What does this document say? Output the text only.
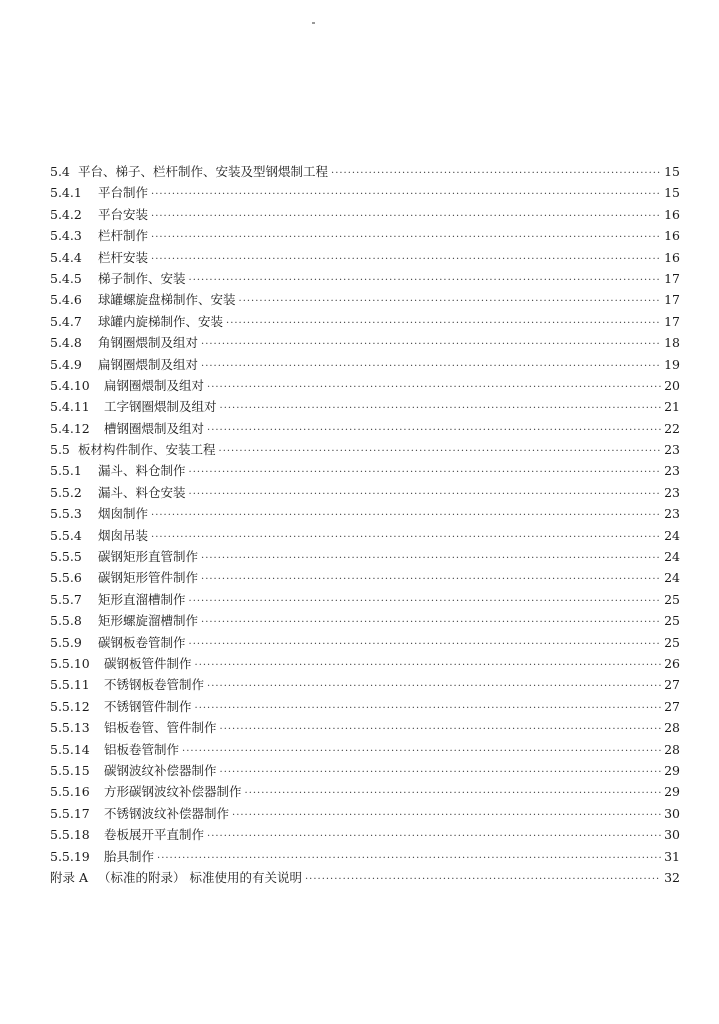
5.4 平台、梯子、栏杆制作、安装及型钢煨制工程 ·····	15
5.4.1	平台制作 ·····	15
5.4.2	平台安装 ·····	16
5.4.3	栏杆制作 ·····	16
5.4.4	栏杆安装 ·····	16
5.4.5	梯子制作、安装 ·····	17
5.4.6	球罐螺旋盘梯制作、安装 ·····	17
5.4.7	球罐内旋梯制作、安装 ·····	17
5.4.8	角钢圈煨制及组对 ·····	18
5.4.9	扁钢圈煨制及组对 ·····	19
5.4.10	扁钢圈煨制及组对 ·····	20
5.4.11	工字钢圈煨制及组对 ·····	21
5.4.12	槽钢圈煨制及组对 ·····	22
5.5 板材构件制作、安装工程 ·····	23
5.5.1	漏斗、料仓制作 ·····	23
5.5.2	漏斗、料仓安装 ·····	23
5.5.3	烟囱制作 ·····	23
5.5.4	烟囱吊装 ·····	24
5.5.5	碳钢矩形直管制作 ·····	24
5.5.6	碳钢矩形管件制作 ·····	24
5.5.7	矩形直溜槽制作 ·····	25
5.5.8	矩形螺旋溜槽制作 ·····	25
5.5.9	碳钢板卷管制作 ·····	25
5.5.10	碳钢板管件制作 ·····	26
5.5.11	不锈钢板卷管制作 ·····	27
5.5.12	不锈钢管件制作 ·····	27
5.5.13	铝板卷管、管件制作 ·····	28
5.5.14	铝板卷管制作 ·····	28
5.5.15	碳钢波纹补偿器制作 ·····	29
5.5.16	方形碳钢波纹补偿器制作 ·····	29
5.5.17	不锈钢波纹补偿器制作 ·····	30
5.5.18	卷板展开平直制作 ·····	30
5.5.19	胎具制作 ·····	31
附录 A （标准的附录） 标准使用的有关说明 ·····	32
